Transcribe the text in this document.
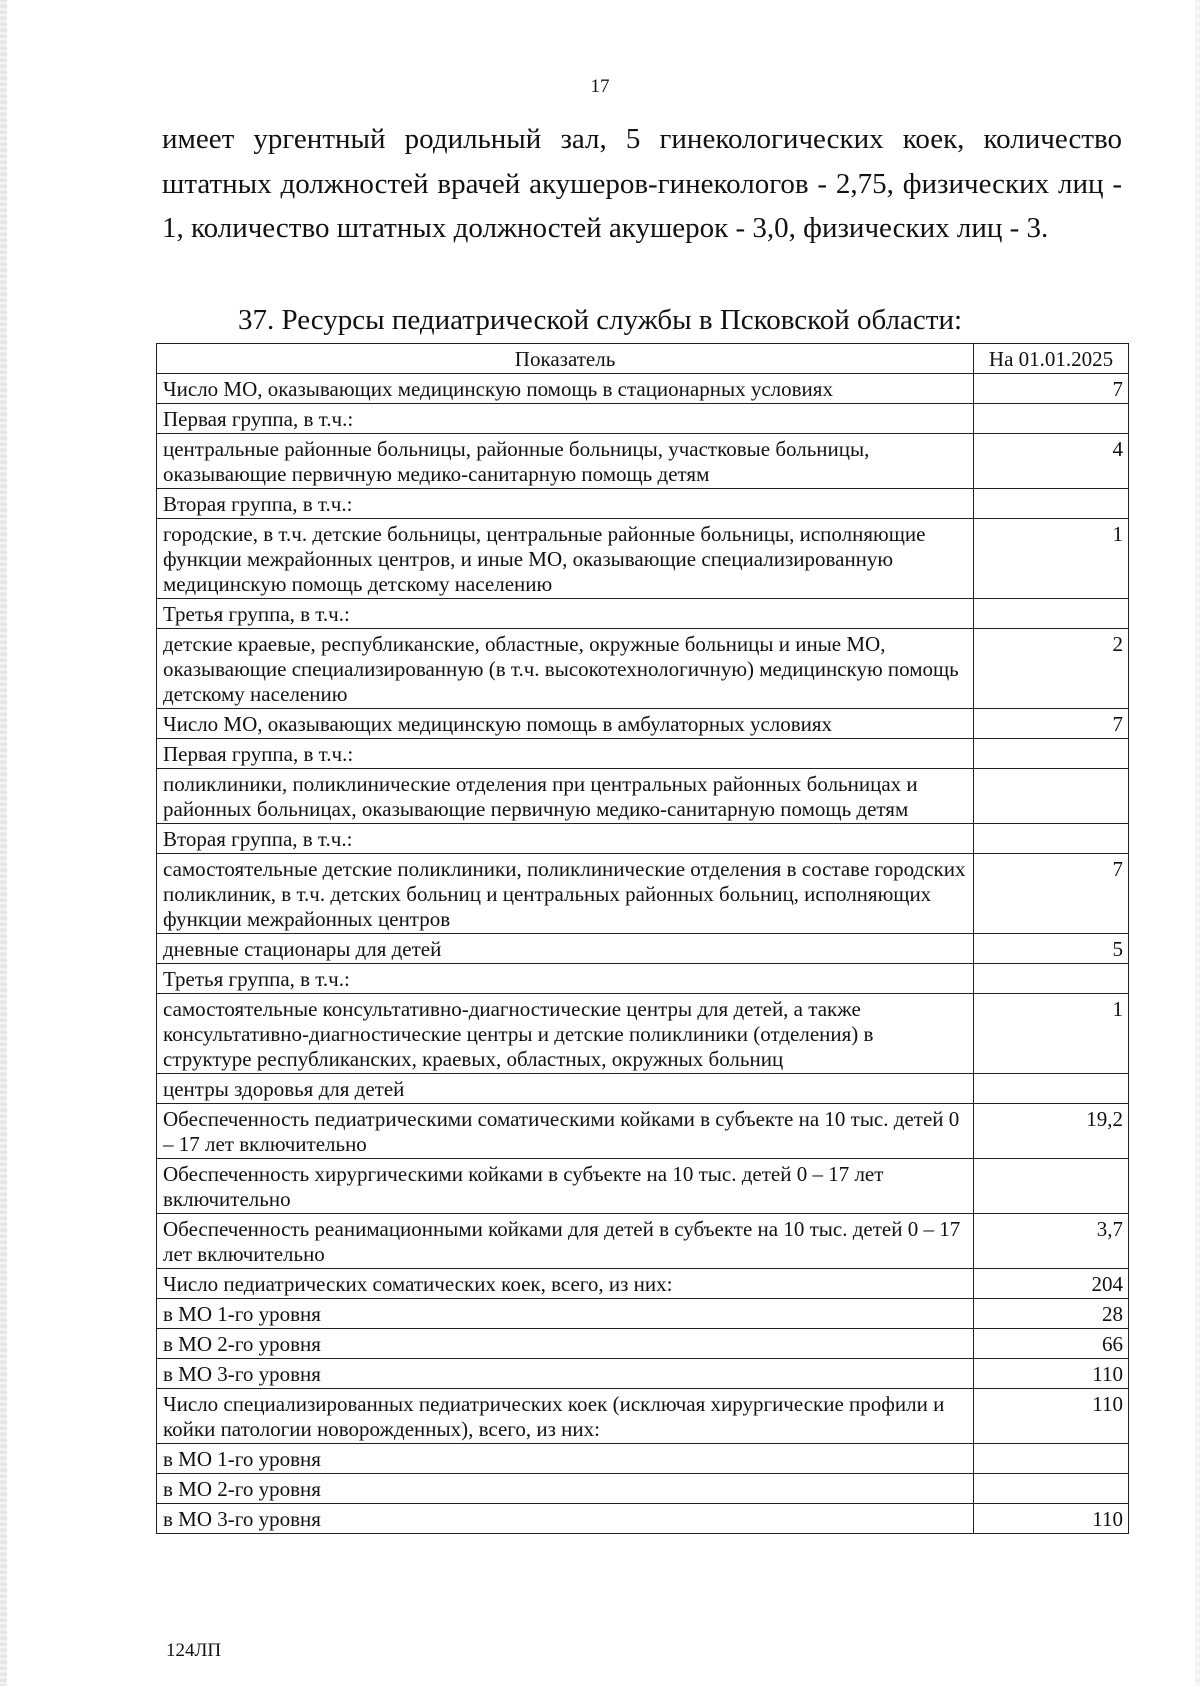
17

имеет ургентный родильный зал, 5 гинекологических коек, количество штатных должностей врачей акушеров-гинекологов - 2,75, физических лиц - 1, количество штатных должностей акушерок - 3,0, физических лиц - 3.

37. Ресурсы педиатрической службы в Псковской области:

Показатель	На 01.01.2025
Число МО, оказывающих медицинскую помощь в стационарных условиях	7
Первая группа, в т.ч.:	
центральные районные больницы, районные больницы, участковые больницы, оказывающие первичную медико-санитарную помощь детям	4
Вторая группа, в т.ч.:	
городские, в т.ч. детские больницы, центральные районные больницы, исполняющие функции межрайонных центров, и иные МО, оказывающие специализированную медицинскую помощь детскому населению	1
Третья группа, в т.ч.:	
детские краевые, республиканские, областные, окружные больницы и иные МО, оказывающие специализированную (в т.ч. высокотехнологичную) медицинскую помощь детскому населению	2
Число МО, оказывающих медицинскую помощь в амбулаторных условиях	7
Первая группа, в т.ч.:	
поликлиники, поликлинические отделения при центральных районных больницах и районных больницах, оказывающие первичную медико-санитарную помощь детям	
Вторая группа, в т.ч.:	
самостоятельные детские поликлиники, поликлинические отделения в составе городских поликлиник, в т.ч. детских больниц и центральных районных больниц, исполняющих функции межрайонных центров	7
дневные стационары для детей	5
Третья группа, в т.ч.:	
самостоятельные консультативно-диагностические центры для детей, а также консультативно-диагностические центры и детские поликлиники (отделения) в структуре республиканских, краевых, областных, окружных больниц	1
центры здоровья для детей	
Обеспеченность педиатрическими соматическими койками в субъекте на 10 тыс. детей 0 – 17 лет включительно	19,2
Обеспеченность хирургическими койками в субъекте на 10 тыс. детей 0 – 17 лет включительно	
Обеспеченность реанимационными койками для детей в субъекте на 10 тыс. детей 0 – 17 лет включительно	3,7
Число педиатрических соматических коек, всего, из них:	204
в МО 1-го уровня	28
в МО 2-го уровня	66
в МО 3-го уровня	110
Число специализированных педиатрических коек (исключая хирургические профили и койки патологии новорожденных), всего, из них:	110
в МО 1-го уровня	
в МО 2-го уровня	
в МО 3-го уровня	110
124ЛП
